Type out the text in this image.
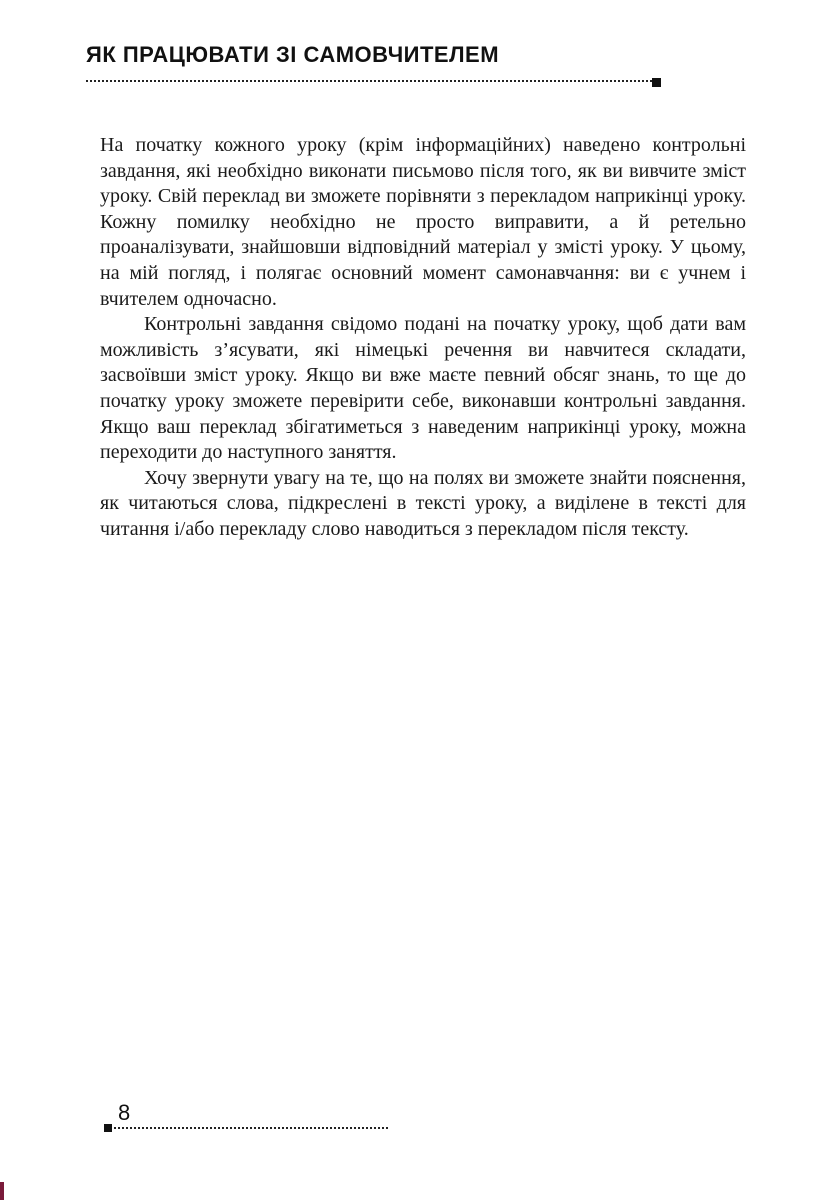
ЯК ПРАЦЮВАТИ ЗІ САМОВЧИТЕЛЕМ

На початку кожного уроку (крім інформаційних) наведено контрольні завдання, які необхідно виконати письмово після того, як ви вивчите зміст уроку. Свій переклад ви зможете порівняти з перекладом наприкінці уроку. Кожну помилку необхідно не просто виправити, а й ретельно проаналізувати, знайшовши відповідний матеріал у змісті уроку. У цьому, на мій погляд, і полягає основний момент самонавчання: ви є учнем і вчителем одночасно.

Контрольні завдання свідомо подані на початку уроку, щоб дати вам можливість з’ясувати, які німецькі речення ви навчитеся складати, засвоївши зміст уроку. Якщо ви вже маєте певний обсяг знань, то ще до початку уроку зможете перевірити себе, виконавши контрольні завдання. Якщо ваш переклад збігатиметься з наведеним наприкінці уроку, можна переходити до наступного заняття.

Хочу звернути увагу на те, що на полях ви зможете знайти пояснення, як читаються слова, підкреслені в тексті уроку, а виділене в тексті для читання і/або перекладу слово наводиться з перекладом після тексту.

8
